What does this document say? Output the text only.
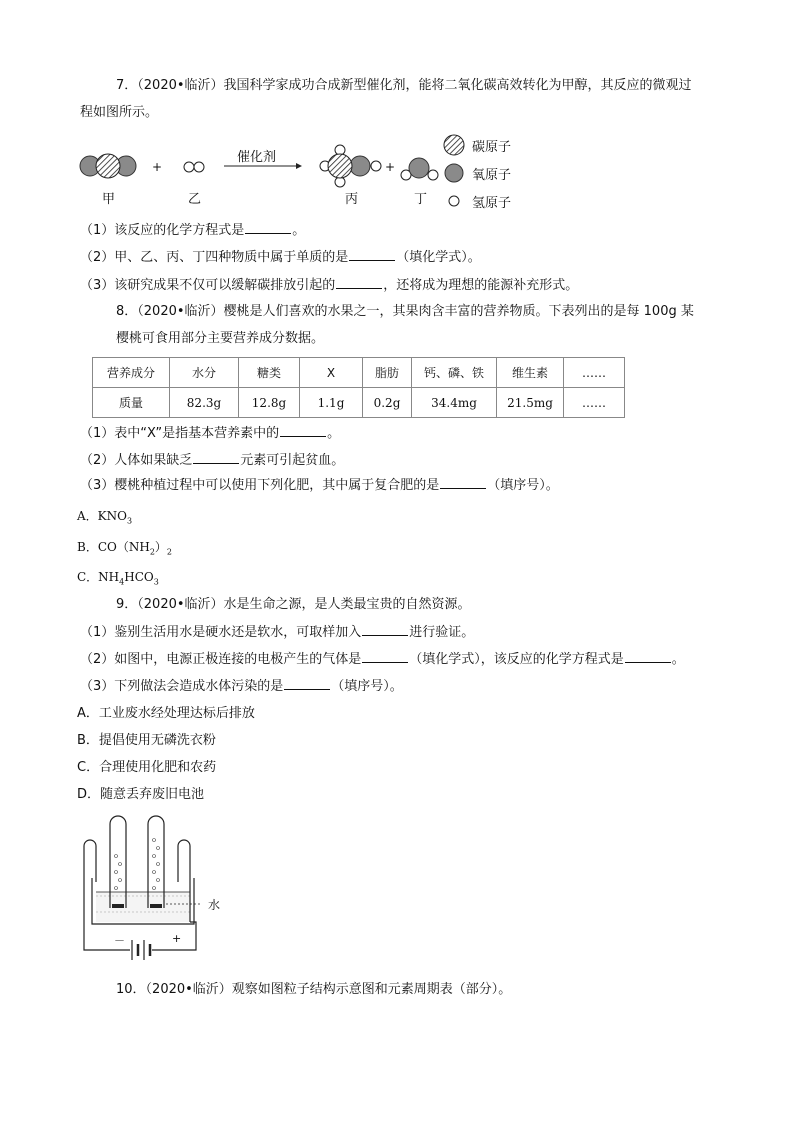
7．（2020•临沂）我国科学家成功合成新型催化剂，能将二氧化碳高效转化为甲醇，其反应的微观过
程如图所示。
催化剂
+	+
甲	乙	丙	丁
碳原子
氧原子
氢原子
（1）该反应的化学方程式是	。
（2）甲、乙、丙、丁四种物质中属于单质的是	（填化学式）。
（3）该研究成果不仅可以缓解碳排放引起的	，还将成为理想的能源补充形式。
8．（2020•临沂）樱桃是人们喜欢的水果之一，其果肉含丰富的营养物质。下表列出的是每 100g 某
樱桃可食用部分主要营养成分数据。
营养成分	水分	糖类	X	脂肪	钙、磷、铁	维生素	……
质量	82.3g	12.8g	1.1g	0.2g	34.4mg	21.5mg	……
（1）表中“X”是指基本营养素中的	。
（2）人体如果缺乏	元素可引起贫血。
（3）樱桃种植过程中可以使用下列化肥，其中属于复合肥的是	（填序号）。
A．$KNO_3$
B．$CO(NH_2)_2$
C．$NH_4HCO_3$
9．（2020•临沂）水是生命之源，是人类最宝贵的自然资源。
（1）鉴别生活用水是硬水还是软水，可取样加入	进行验证。
（2）如图中，电源正极连接的电极产生的气体是	（填化学式），该反应的化学方程式是	。
（3）下列做法会造成水体污染的是	（填序号）。
A．工业废水经处理达标后排放
B．提倡使用无磷洗衣粉
C．合理使用化肥和农药
D．随意丢弃废旧电池
水
－	+
10．（2020•临沂）观察如图粒子结构示意图和元素周期表（部分）。
